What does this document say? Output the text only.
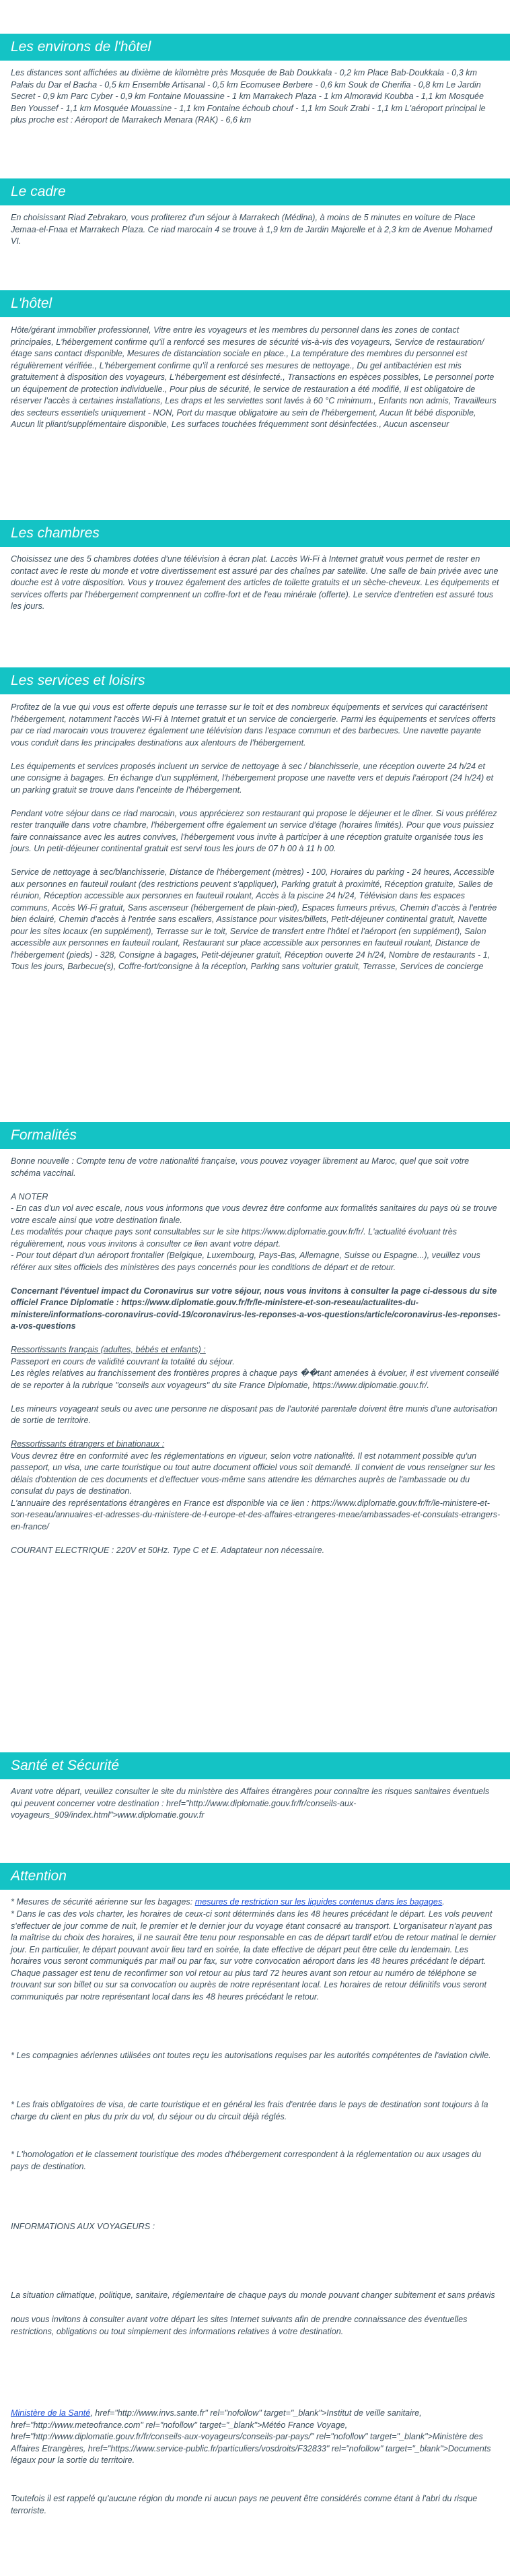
Les environs de l'hôtel

Les distances sont affichées au dixième de kilomètre près Mosquée de Bab Doukkala - 0,2 km Place Bab-Doukkala - 0,3 km Palais du Dar el Bacha - 0,5 km Ensemble Artisanal - 0,5 km Ecomusee Berbere - 0,6 km Souk de Cherifia - 0,8 km Le Jardin Secret - 0,9 km Parc Cyber - 0,9 km Fontaine Mouassine - 1 km Marrakech Plaza - 1 km Almoravid Koubba - 1,1 km Mosquée Ben Youssef - 1,1 km Mosquée Mouassine - 1,1 km Fontaine échoub chouf - 1,1 km Souk Zrabi - 1,1 km L'aéroport principal le plus proche est : Aéroport de Marrakech Menara (RAK) - 6,6 km

Le cadre

En choisissant Riad Zebrakaro, vous profiterez d'un séjour à Marrakech (Médina), à moins de 5 minutes en voiture de Place Jemaa-el-Fnaa et Marrakech Plaza. Ce riad marocain 4 se trouve à 1,9 km de Jardin Majorelle et à 2,3 km de Avenue Mohamed VI.

L'hôtel

Hôte/gérant immobilier professionnel, Vitre entre les voyageurs et les membres du personnel dans les zones de contact principales, L'hébergement confirme qu'il a renforcé ses mesures de sécurité vis-à-vis des voyageurs, Service de restauration/étage sans contact disponible, Mesures de distanciation sociale en place., La température des membres du personnel est régulièrement vérifiée., L'hébergement confirme qu'il a renforcé ses mesures de nettoyage., Du gel antibactérien est mis gratuitement à disposition des voyageurs, L'hébergement est désinfecté., Transactions en espèces possibles, Le personnel porte un équipement de protection individuelle., Pour plus de sécurité, le service de restauration a été modifié, Il est obligatoire de réserver l'accès à certaines installations, Les draps et les serviettes sont lavés à 60 °C minimum., Enfants non admis, Travailleurs des secteurs essentiels uniquement - NON, Port du masque obligatoire au sein de l'hébergement, Aucun lit bébé disponible, Aucun lit pliant/supplémentaire disponible, Les surfaces touchées fréquemment sont désinfectées., Aucun ascenseur

Les chambres

Choisissez une des 5 chambres dotées d'une télévision à écran plat. Laccès Wi-Fi à Internet gratuit vous permet de rester en contact avec le reste du monde et votre divertissement est assuré par des chaînes par satellite. Une salle de bain privée avec une douche est à votre disposition. Vous y trouvez également des articles de toilette gratuits et un sèche-cheveux. Les équipements et services offerts par l'hébergement comprennent un coffre-fort et de l'eau minérale (offerte). Le service d'entretien est assuré tous les jours.

Les services et loisirs

Profitez de la vue qui vous est offerte depuis une terrasse sur le toit et des nombreux équipements et services qui caractérisent l'hébergement, notamment l'accès Wi-Fi à Internet gratuit et un service de conciergerie. Parmi les équipements et services offerts par ce riad marocain vous trouverez également une télévision dans l'espace commun et des barbecues. Une navette payante vous conduit dans les principales destinations aux alentours de l'hébergement.

Les équipements et services proposés incluent un service de nettoyage à sec / blanchisserie, une réception ouverte 24 h/24 et une consigne à bagages. En échange d'un supplément, l'hébergement propose une navette vers et depuis l'aéroport (24 h/24) et un parking gratuit se trouve dans l'enceinte de l'hébergement.

Pendant votre séjour dans ce riad marocain, vous apprécierez son restaurant qui propose le déjeuner et le dîner. Si vous préférez rester tranquille dans votre chambre, l'hébergement offre également un service d'étage (horaires limités). Pour que vous puissiez faire connaissance avec les autres convives, l'hébergement vous invite à participer à une réception gratuite organisée tous les jours. Un petit-déjeuner continental gratuit est servi tous les jours de 07 h 00 à 11 h 00.

Service de nettoyage à sec/blanchisserie, Distance de l'hébergement (mètres) - 100, Horaires du parking - 24 heures, Accessible aux personnes en fauteuil roulant (des restrictions peuvent s'appliquer), Parking gratuit à proximité, Réception gratuite, Salles de réunion, Réception accessible aux personnes en fauteuil roulant, Accès à la piscine 24 h/24, Télévision dans les espaces communs, Accès Wi-Fi gratuit, Sans ascenseur (hébergement de plain-pied), Espaces fumeurs prévus, Chemin d'accès à l'entrée bien éclairé, Chemin d'accès à l'entrée sans escaliers, Assistance pour visites/billets, Petit-déjeuner continental gratuit, Navette pour les sites locaux (en supplément), Terrasse sur le toit, Service de transfert entre l'hôtel et l'aéroport (en supplément), Salon accessible aux personnes en fauteuil roulant, Restaurant sur place accessible aux personnes en fauteuil roulant, Distance de l'hébergement (pieds) - 328, Consigne à bagages, Petit-déjeuner gratuit, Réception ouverte 24 h/24, Nombre de restaurants - 1, Tous les jours, Barbecue(s), Coffre-fort/consigne à la réception, Parking sans voiturier gratuit, Terrasse, Services de concierge

Formalités

Bonne nouvelle : Compte tenu de votre nationalité française, vous pouvez voyager librement au Maroc, quel que soit votre schéma vaccinal.

A NOTER

- En cas d'un vol avec escale, nous vous informons que vous devrez être conforme aux formalités sanitaires du pays où se trouve votre escale ainsi que votre destination finale.

Les modalités pour chaque pays sont consultables sur le site https://www.diplomatie.gouv.fr/fr/. L'actualité évoluant très régulièrement, nous vous invitons à consulter ce lien avant votre départ.

- Pour tout départ d'un aéroport frontalier (Belgique, Luxembourg, Pays-Bas, Allemagne, Suisse ou Espagne...), veuillez vous référer aux sites officiels des ministères des pays concernés pour les conditions de départ et de retour.

Concernant l'éventuel impact du Coronavirus sur votre séjour, nous vous invitons à consulter la page ci-dessous du site officiel France Diplomatie : https://www.diplomatie.gouv.fr/fr/le-ministere-et-son-reseau/actualites-du-ministere/informations-coronavirus-covid-19/coronavirus-les-reponses-a-vos-questions/article/coronavirus-les-reponses-a-vos-questions

Ressortissants français (adultes, bébés et enfants) :

Passeport en cours de validité couvrant la totalité du séjour.

Les règles relatives au franchissement des frontières propres à chaque pays ��tant amenées à évoluer, il est vivement conseillé de se reporter à la rubrique "conseils aux voyageurs" du site France Diplomatie, https://www.diplomatie.gouv.fr/.

Les mineurs voyageant seuls ou avec une personne ne disposant pas de l'autorité parentale doivent être munis d'une autorisation de sortie de territoire.

Ressortissants étrangers et binationaux :

Vous devrez être en conformité avec les réglementations en vigueur, selon votre nationalité. Il est notamment possible qu'un passeport, un visa, une carte touristique ou tout autre document officiel vous soit demandé. Il convient de vous renseigner sur les délais d'obtention de ces documents et d'effectuer vous-même sans attendre les démarches auprès de l'ambassade ou du consulat du pays de destination.

L'annuaire des représentations étrangères en France est disponible via ce lien : https://www.diplomatie.gouv.fr/fr/le-ministere-et-son-reseau/annuaires-et-adresses-du-ministere-de-l-europe-et-des-affaires-etrangeres-meae/ambassades-et-consulats-etrangers-en-france/

COURANT ELECTRIQUE : 220V et 50Hz. Type C et E. Adaptateur non nécessaire.

Santé et Sécurité

Avant votre départ, veuillez consulter le site du ministère des Affaires étrangères pour connaître les risques sanitaires éventuels qui peuvent concerner votre destination : href="http://www.diplomatie.gouv.fr/fr/conseils-aux-voyageurs_909/index.html">www.diplomatie.gouv.fr

Attention
* Mesures de sécurité aérienne sur les bagages: mesures de restriction sur les liquides contenus dans les bagages.

* Dans le cas des vols charter, les horaires de ceux-ci sont déterminés dans les 48 heures précédant le départ. Les vols peuvent s'effectuer de jour comme de nuit, le premier et le dernier jour du voyage étant consacré au transport. L'organisateur n'ayant pas la maîtrise du choix des horaires, il ne saurait être tenu pour responsable en cas de départ tardif et/ou de retour matinal le dernier jour. En particulier, le départ pouvant avoir lieu tard en soirée, la date effective de départ peut être celle du lendemain. Les horaires vous seront communiqués par mail ou par fax, sur votre convocation aéroport dans les 48 heures précédant le départ. Chaque passager est tenu de reconfirmer son vol retour au plus tard 72 heures avant son retour au numéro de téléphone se trouvant sur son billet ou sur sa convocation ou auprès de notre représentant local. Les horaires de retour définitifs vous seront communiqués par notre représentant local dans les 48 heures précédant le retour.

* Les compagnies aériennes utilisées ont toutes reçu les autorisations requises par les autorités compétentes de l'aviation civile.

* Les frais obligatoires de visa, de carte touristique et en général les frais d'entrée dans le pays de destination sont toujours à la charge du client en plus du prix du vol, du séjour ou du circuit déjà réglés.

* L'homologation et le classement touristique des modes d'hébergement correspondent à la réglementation ou aux usages du pays de destination.

INFORMATIONS AUX VOYAGEURS :

La situation climatique, politique, sanitaire, réglementaire de chaque pays du monde pouvant changer subitement et sans préavis

nous vous invitons à consulter avant votre départ les sites Internet suivants afin de prendre connaissance des éventuelles restrictions, obligations ou tout simplement des informations relatives à votre destination.

Ministère de la Santé, href="http://www.invs.sante.fr" rel="nofollow" target="_blank">Institut de veille sanitaire, href="http://www.meteofrance.com" rel="nofollow" target="_blank">Météo France Voyage, href="http://www.diplomatie.gouv.fr/fr/conseils-aux-voyageurs/conseils-par-pays/" rel="nofollow" target="_blank">Ministère des Affaires Etrangères, href="https://www.service-public.fr/particuliers/vosdroits/F32833" rel="nofollow" target="_blank">Documents légaux pour la sortie du territoire.

Toutefois il est rappelé qu'aucune région du monde ni aucun pays ne peuvent être considérés comme étant à l'abri du risque terroriste.
